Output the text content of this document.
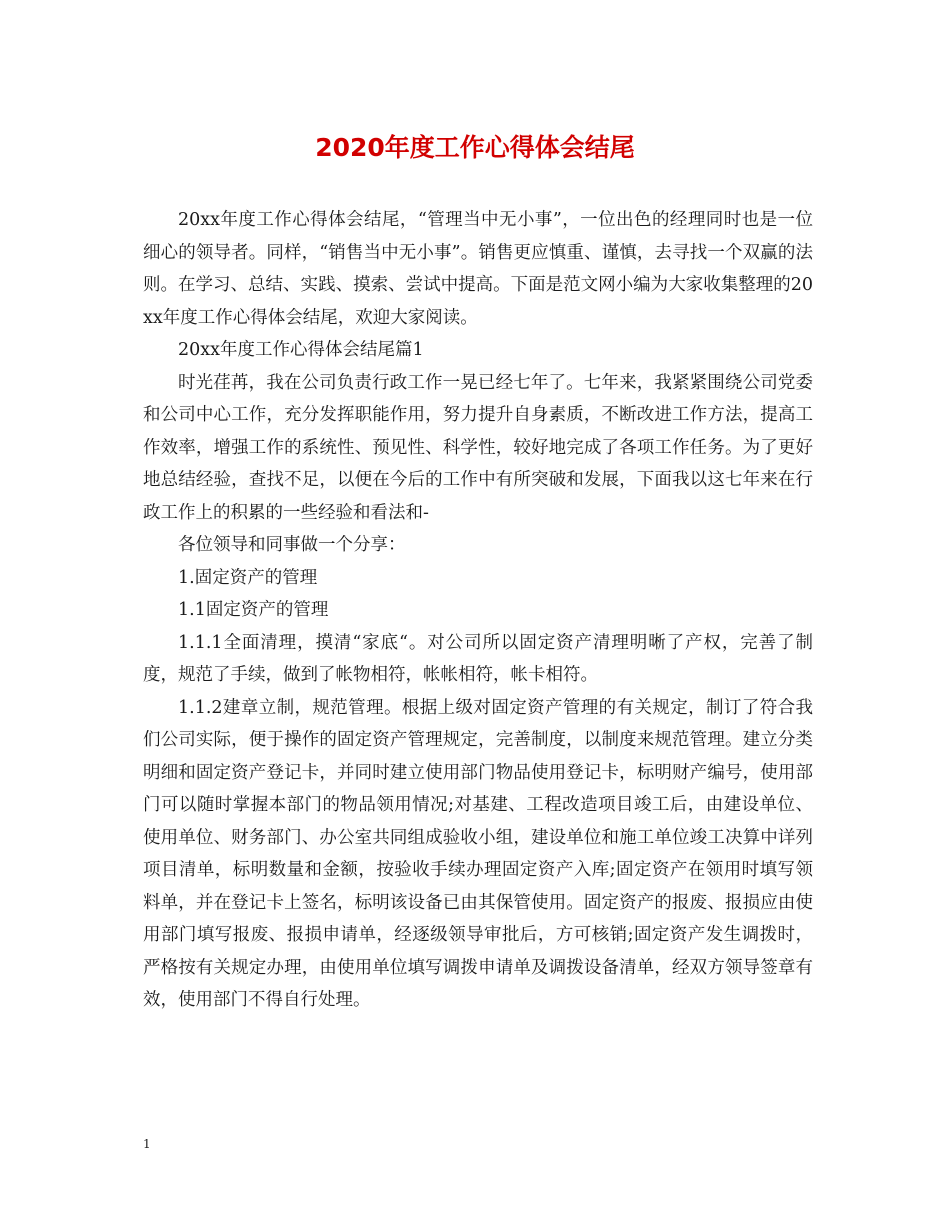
2020年度工作心得体会结尾

20xx年度工作心得体会结尾，“管理当中无小事”，一位出色的经理同时也是一位细心的领导者。同样，“销售当中无小事”。销售更应慎重、谨慎，去寻找一个双赢的法则。在学习、总结、实践、摸索、尝试中提高。下面是范文网小编为大家收集整理的20xx年度工作心得体会结尾，欢迎大家阅读。

20xx年度工作心得体会结尾篇1

时光荏苒，我在公司负责行政工作一晃已经七年了。七年来，我紧紧围绕公司党委和公司中心工作，充分发挥职能作用，努力提升自身素质，不断改进工作方法，提高工作效率，增强工作的系统性、预见性、科学性，较好地完成了各项工作任务。为了更好地总结经验，查找不足，以便在今后的工作中有所突破和发展，下面我以这七年来在行政工作上的积累的一些经验和看法和-

各位领导和同事做一个分享：

1.固定资产的管理

1.1固定资产的管理

1.1.1全面清理，摸清“家底“。对公司所以固定资产清理明晰了产权，完善了制度，规范了手续，做到了帐物相符，帐帐相符，帐卡相符。

1.1.2建章立制，规范管理。根据上级对固定资产管理的有关规定，制订了符合我们公司实际，便于操作的固定资产管理规定，完善制度，以制度来规范管理。建立分类明细和固定资产登记卡，并同时建立使用部门物品使用登记卡，标明财产编号，使用部门可以随时掌握本部门的物品领用情况;对基建、工程改造项目竣工后，由建设单位、使用单位、财务部门、办公室共同组成验收小组，建设单位和施工单位竣工决算中详列项目清单，标明数量和金额，按验收手续办理固定资产入库;固定资产在领用时填写领料单，并在登记卡上签名，标明该设备已由其保管使用。固定资产的报废、报损应由使用部门填写报废、报损申请单，经逐级领导审批后，方可核销;固定资产发生调拨时，严格按有关规定办理，由使用单位填写调拨申请单及调拨设备清单，经双方领导签章有效，使用部门不得自行处理。

1
